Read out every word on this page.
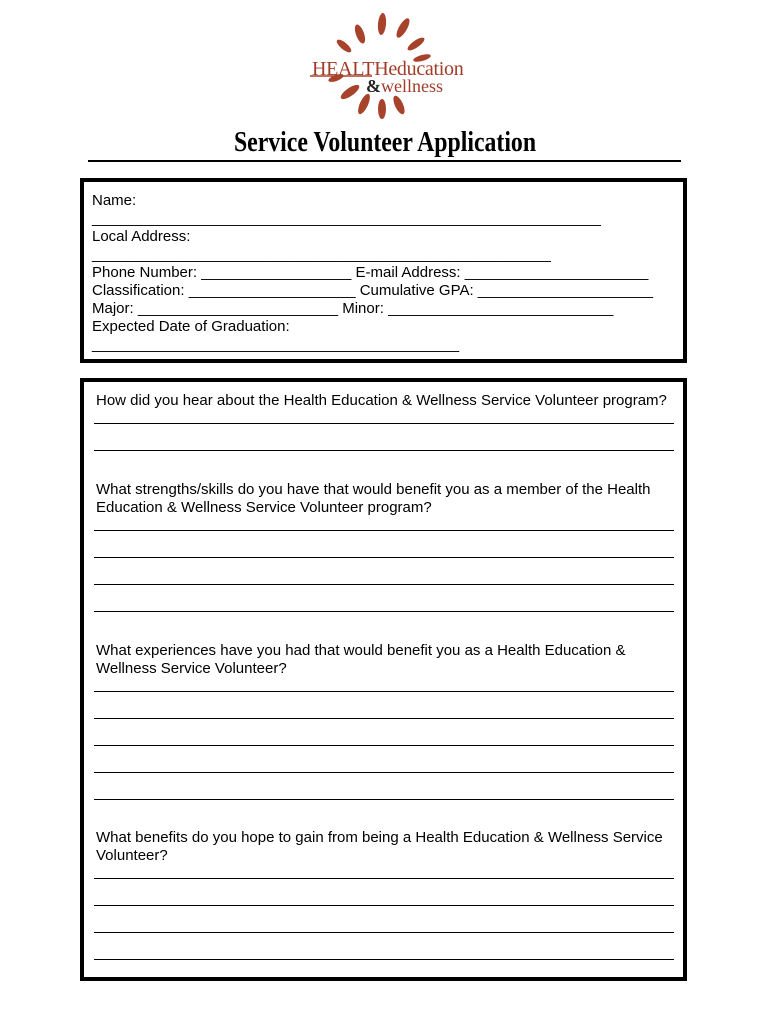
HEALTHeducation
&wellness
Service Volunteer Application
Name:
_____________________________________________________________
Local Address:
_______________________________________________________
Phone Number: __________________ E-mail Address: ______________________
Classification: ____________________ Cumulative GPA: _____________________
Major: ________________________ Minor: ___________________________
Expected Date of Graduation:
____________________________________________
How did you hear about the Health Education & Wellness Service Volunteer program?
What strengths/skills do you have that would benefit you as a member of the Health Education & Wellness Service Volunteer program?
What experiences have you had that would benefit you as a Health Education & Wellness Service Volunteer?
What benefits do you hope to gain from being a Health Education & Wellness Service Volunteer?
